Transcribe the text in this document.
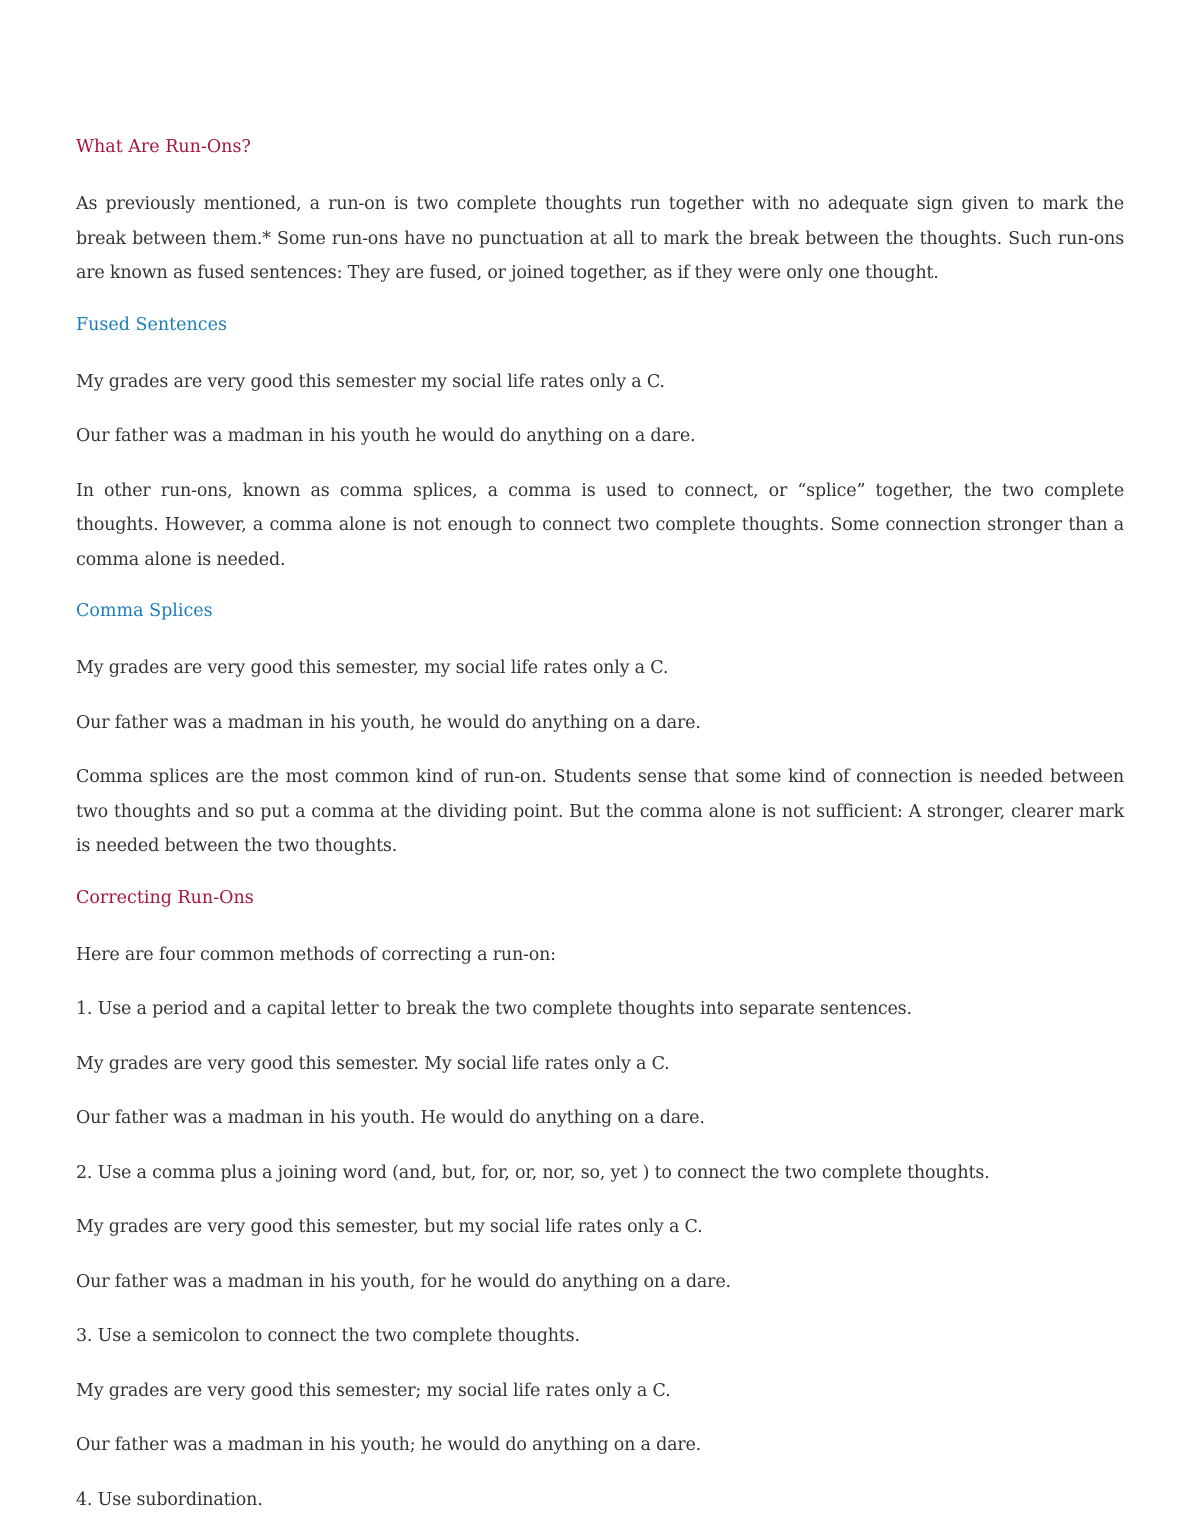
What Are Run-Ons?

As previously mentioned, a run-on is two complete thoughts run together with no adequate sign given to mark the break between them.* Some run-ons have no punctuation at all to mark the break between the thoughts. Such run-ons are known as fused sentences: They are fused, or joined together, as if they were only one thought.

Fused Sentences

My grades are very good this semester my social life rates only a C.

Our father was a madman in his youth he would do anything on a dare.

In other run-ons, known as comma splices, a comma is used to connect, or “splice” together, the two complete thoughts. However, a comma alone is not enough to connect two complete thoughts. Some connection stronger than a comma alone is needed.

Comma Splices

My grades are very good this semester, my social life rates only a C.

Our father was a madman in his youth, he would do anything on a dare.

Comma splices are the most common kind of run-on. Students sense that some kind of connection is needed between two thoughts and so put a comma at the dividing point. But the comma alone is not sufficient: A stronger, clearer mark is needed between the two thoughts.

Correcting Run-Ons

Here are four common methods of correcting a run-on:

1. Use a period and a capital letter to break the two complete thoughts into separate sentences.

My grades are very good this semester. My social life rates only a C.

Our father was a madman in his youth. He would do anything on a dare.

2. Use a comma plus a joining word (and, but, for, or, nor, so, yet ) to connect the two complete thoughts.

My grades are very good this semester, but my social life rates only a C.

Our father was a madman in his youth, for he would do anything on a dare.

3. Use a semicolon to connect the two complete thoughts.

My grades are very good this semester; my social life rates only a C.

Our father was a madman in his youth; he would do anything on a dare.

4. Use subordination.
